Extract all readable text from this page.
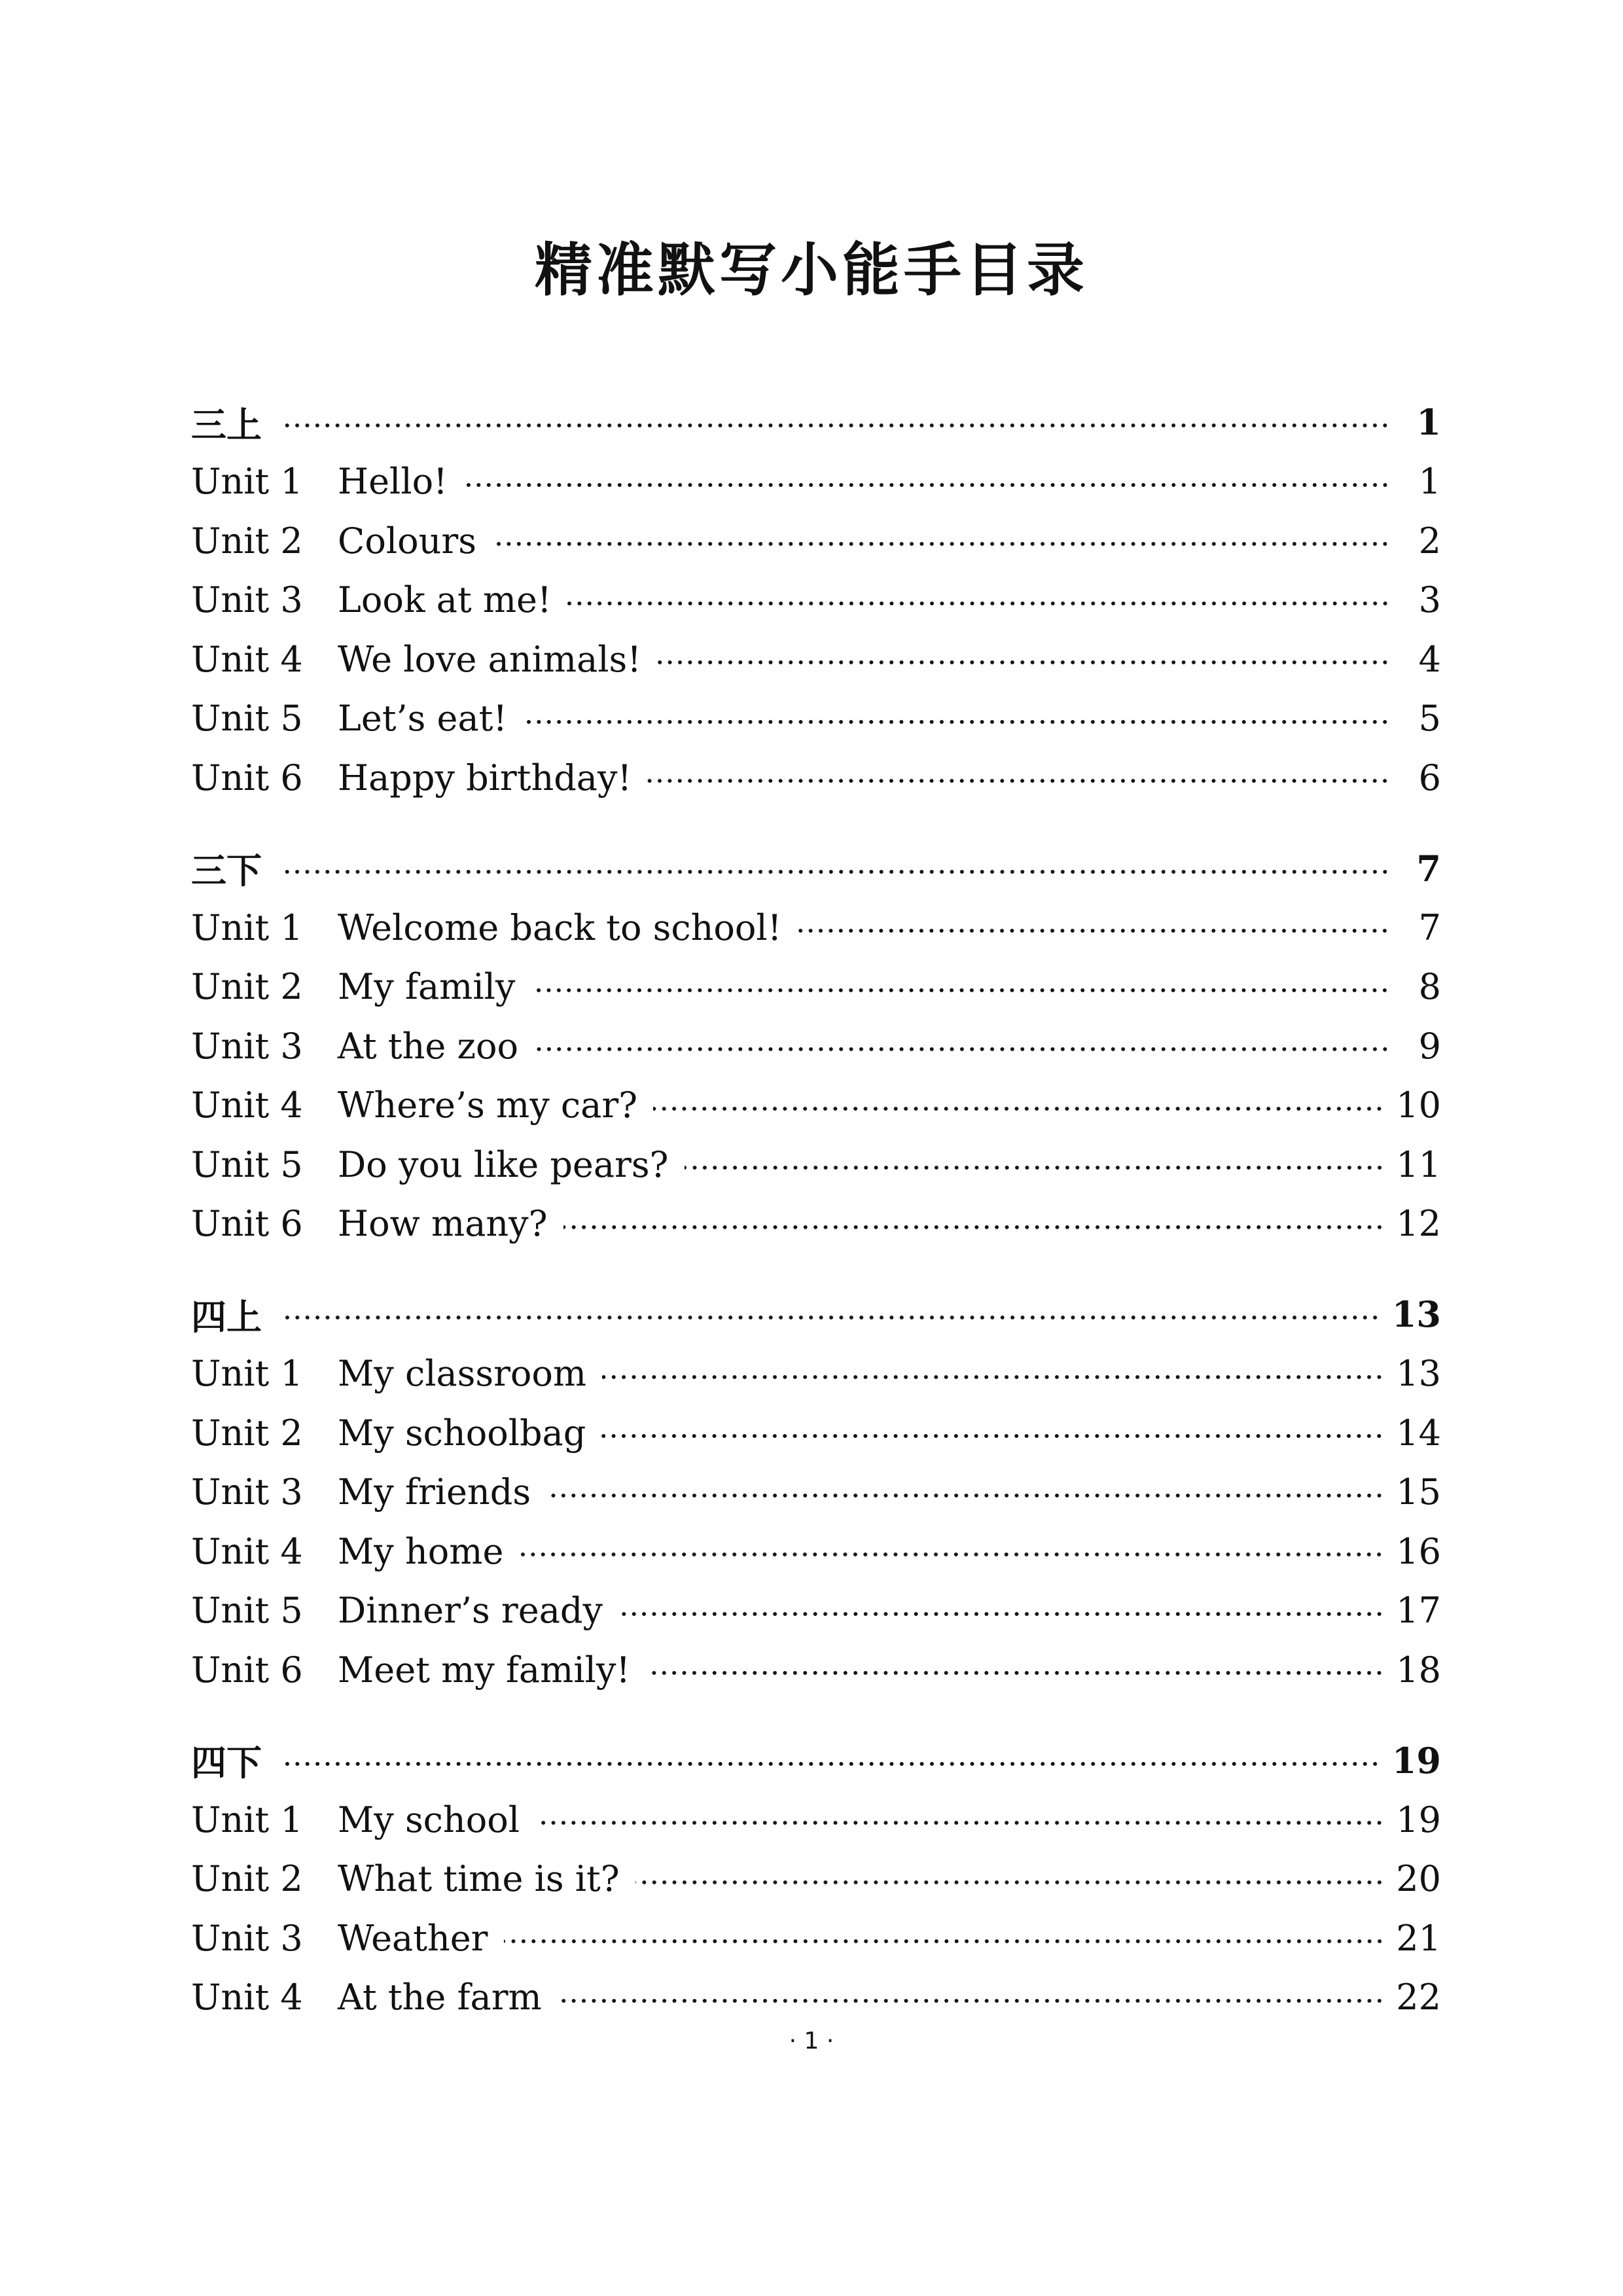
精准默写小能手目录
三上	1
Unit 1 Hello!	1
Unit 2 Colours	2
Unit 3 Look at me!	3
Unit 4 We love animals!	4
Unit 5 Let’s eat!	5
Unit 6 Happy birthday!	6
三下	7
Unit 1 Welcome back to school!	7
Unit 2 My family	8
Unit 3 At the zoo	9
Unit 4 Where’s my car?	10
Unit 5 Do you like pears?	11
Unit 6 How many?	12
四上	13
Unit 1 My classroom	13
Unit 2 My schoolbag	14
Unit 3 My friends	15
Unit 4 My home	16
Unit 5 Dinner’s ready	17
Unit 6 Meet my family!	18
四下	19
Unit 1 My school	19
Unit 2 What time is it?	20
Unit 3 Weather	21
Unit 4 At the farm	22
· 1 ·
